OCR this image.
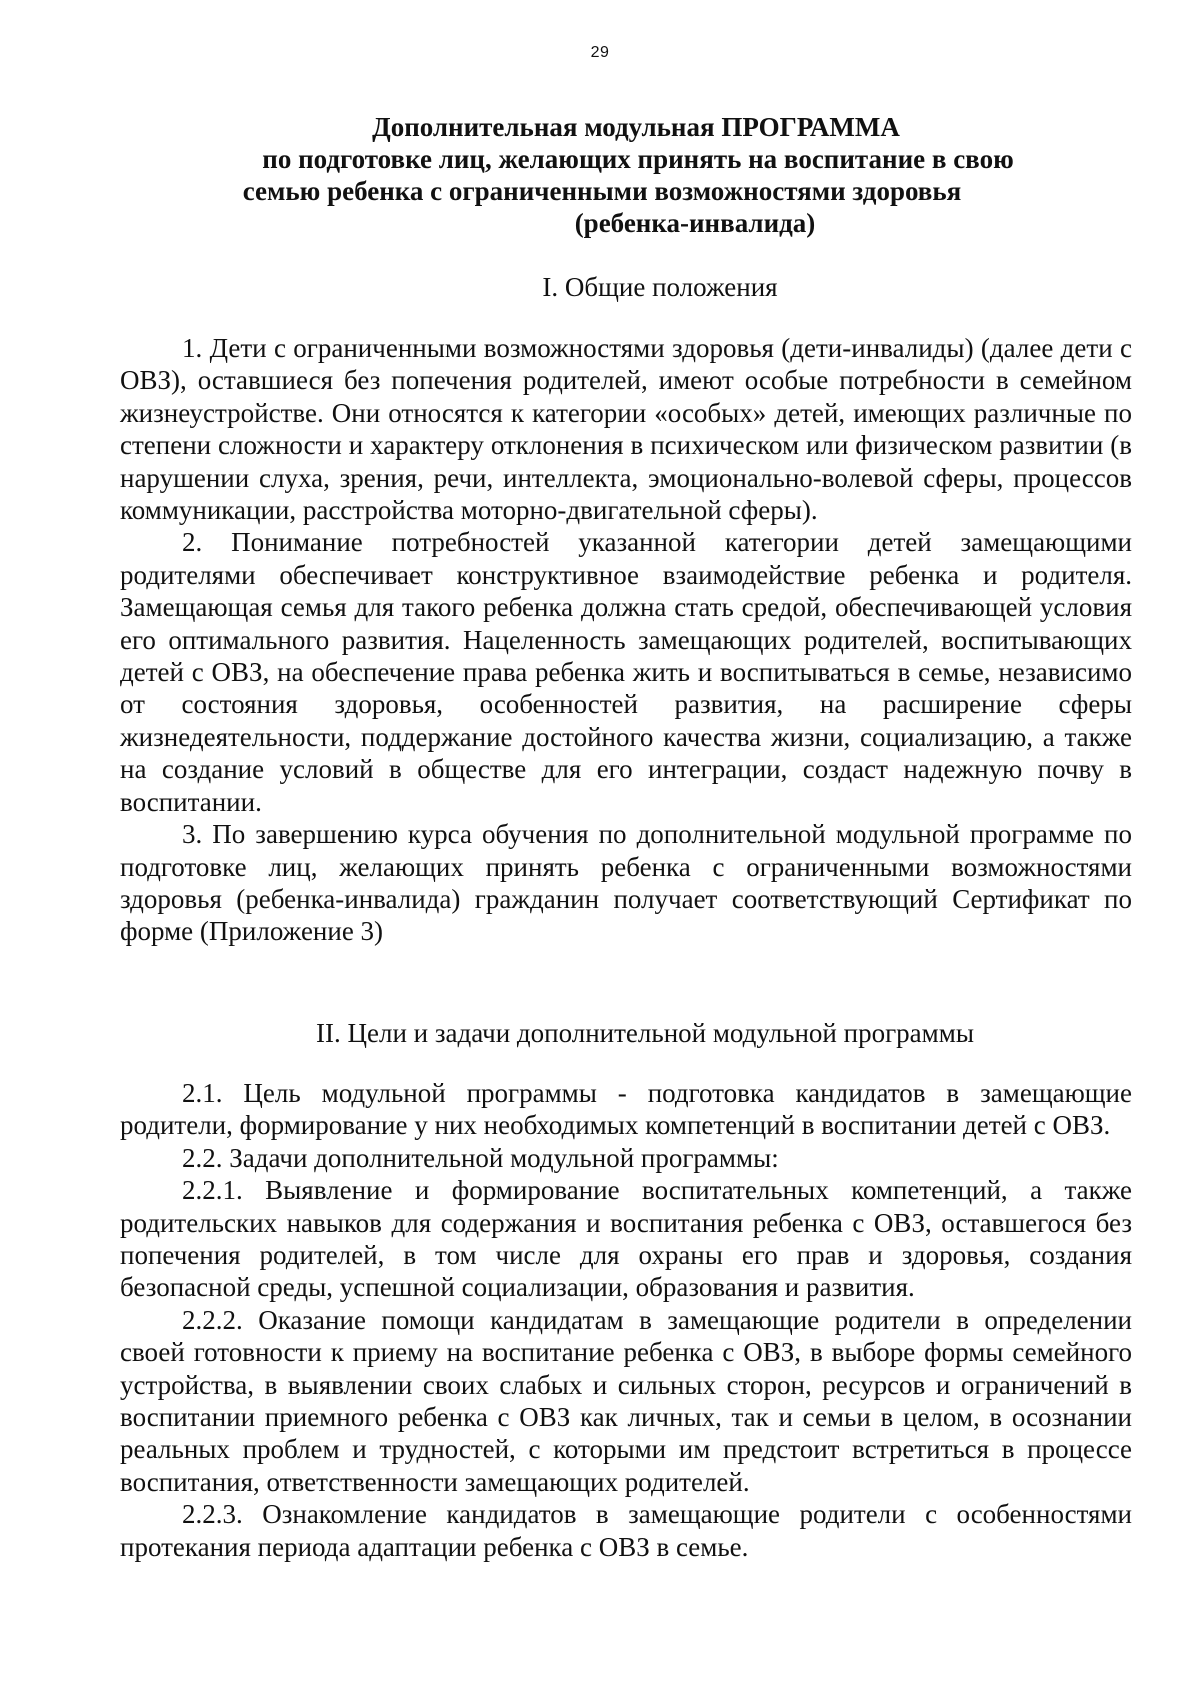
29
Дополнительная модульная ПРОГРАММА
по подготовке лиц, желающих принять на воспитание в свою
семью ребенка с ограниченными возможностями здоровья
(ребенка-инвалида)
I. Общие положения

1. Дети с ограниченными возможностями здоровья (дети-инвалиды) (далее дети с ОВЗ), оставшиеся без попечения родителей, имеют особые потребности в семейном жизнеустройстве. Они относятся к категории «особых» детей, имеющих различные по степени сложности и характеру отклонения в психическом или физическом развитии (в нарушении слуха, зрения, речи, интеллекта, эмоционально-волевой сферы, процессов коммуникации, расстройства моторно-двигательной сферы).

2. Понимание потребностей указанной категории детей замещающими родителями обеспечивает конструктивное взаимодействие ребенка и родителя. Замещающая семья для такого ребенка должна стать средой, обеспечивающей условия его оптимального развития. Нацеленность замещающих родителей, воспитывающих детей с ОВЗ, на обеспечение права ребенка жить и воспитываться в семье, независимо от состояния здоровья, особенностей развития, на расширение сферы жизнедеятельности, поддержание достойного качества жизни, социализацию, а также на создание условий в обществе для его интеграции, создаст надежную почву в воспитании.

3. По завершению курса обучения по дополнительной модульной программе по подготовке лиц, желающих принять ребенка с ограниченными возможностями здоровья (ребенка-инвалида) гражданин получает соответствующий Сертификат по форме (Приложение 3)

II. Цели и задачи дополнительной модульной программы

2.1. Цель модульной программы - подготовка кандидатов в замещающие родители, формирование у них необходимых компетенций в воспитании детей с ОВЗ.

2.2. Задачи дополнительной модульной программы:

2.2.1. Выявление и формирование воспитательных компетенций, а также родительских навыков для содержания и воспитания ребенка с ОВЗ, оставшегося без попечения родителей, в том числе для охраны его прав и здоровья, создания безопасной среды, успешной социализации, образования и развития.

2.2.2. Оказание помощи кандидатам в замещающие родители в определении своей готовности к приему на воспитание ребенка с ОВЗ, в выборе формы семейного устройства, в выявлении своих слабых и сильных сторон, ресурсов и ограничений в воспитании приемного ребенка с ОВЗ как личных, так и семьи в целом, в осознании реальных проблем и трудностей, с которыми им предстоит встретиться в процессе воспитания, ответственности замещающих родителей.

2.2.3. Ознакомление кандидатов в замещающие родители с особенностями протекания периода адаптации ребенка с ОВЗ в семье.
